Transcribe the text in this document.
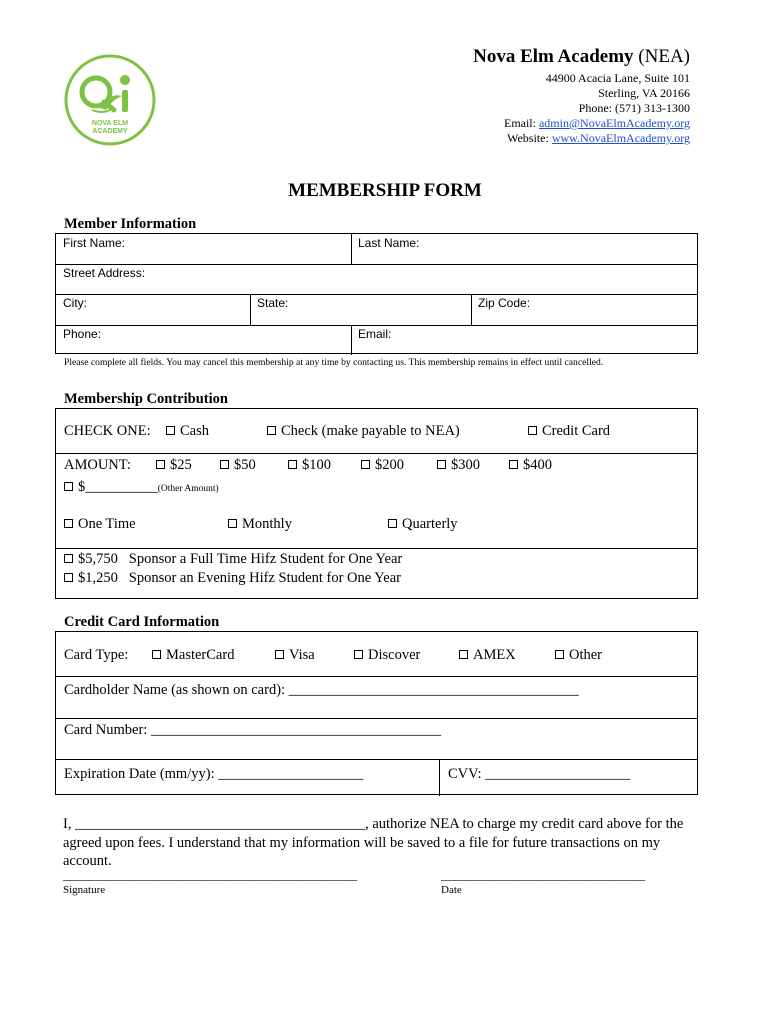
NOVA ELM
ACADEMY
Nova Elm Academy (NEA)
44900 Acacia Lane, Suite 101
Sterling, VA 20166
Phone: (571) 313-1300
Email: admin@NovaElmAcademy.org
Website: www.NovaElmAcademy.org
MEMBERSHIP FORM
Member Information
First Name:	Last Name:
Street Address:
City:	State:	Zip Code:
Phone:	Email:
Please complete all fields. You may cancel this membership at any time by contacting us. This membership remains in effect until cancelled.
Membership Contribution
CHECK ONE:	Cash	Check (make payable to NEA)	Credit Card
AMOUNT:	$25	$50	$100	$200	$300	$400
$__________(Other Amount)
One Time	Monthly	Quarterly
$5,750   Sponsor a Full Time Hifz Student for One Year
$1,250   Sponsor an Evening Hifz Student for One Year
Credit Card Information
Card Type:	MasterCard	Visa	Discover	AMEX	Other
Cardholder Name (as shown on card): ________________________________________
Card Number: ________________________________________
Expiration Date (mm/yy): ____________________	CVV: ____________________
I, ________________________________________, authorize NEA to charge my credit card above for the
agreed upon fees. I understand that my information will be saved to a file for future transactions on my
account.
_________________________________________________	__________________________________
Signature	Date
